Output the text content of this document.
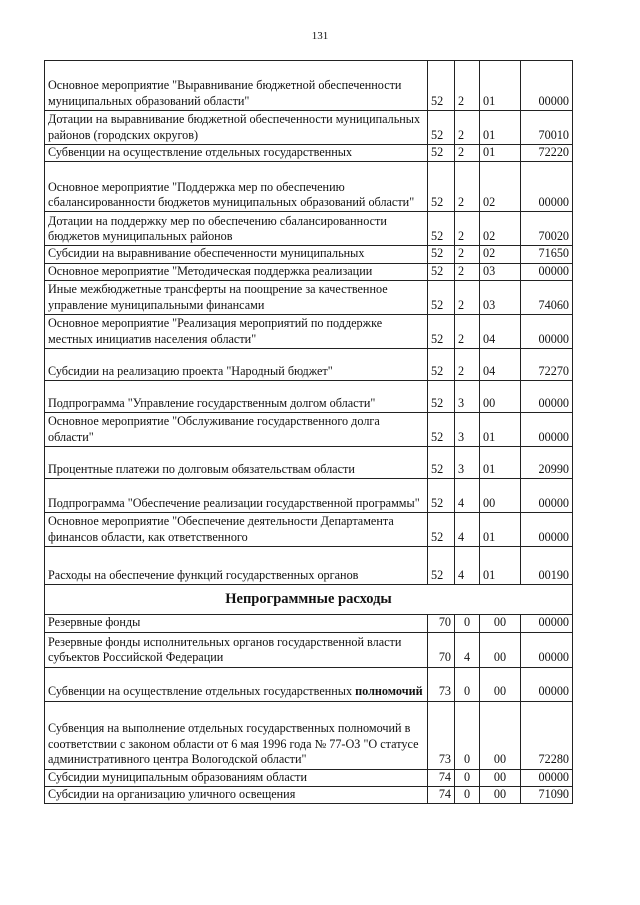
131
Основное мероприятие "Выравнивание бюджетной обеспеченности муниципальных образований области"	52	2	01	00000
Дотации на выравнивание бюджетной обеспеченности муниципальных районов (городских округов)	52	2	01	70010
Субвенции на осуществление отдельных государственных	52	2	01	72220
Основное мероприятие "Поддержка мер по обеспечению сбалансированности бюджетов муниципальных образований области"	52	2	02	00000
Дотации на поддержку мер по обеспечению сбалансированности бюджетов муниципальных районов	52	2	02	70020
Субсидии на выравнивание обеспеченности муниципальных	52	2	02	71650
Основное мероприятие "Методическая поддержка реализации	52	2	03	00000
Иные межбюджетные трансферты на поощрение за качественное управление муниципальными финансами	52	2	03	74060
Основное мероприятие "Реализация мероприятий по поддержке местных инициатив населения области"	52	2	04	00000
Субсидии на реализацию проекта "Народный бюджет"	52	2	04	72270
Подпрограмма "Управление государственным долгом области"	52	3	00	00000
Основное мероприятие "Обслуживание государственного долга области"	52	3	01	00000
Процентные платежи по долговым обязательствам области	52	3	01	20990
Подпрограмма "Обеспечение реализации государственной программы"	52	4	00	00000
Основное мероприятие "Обеспечение деятельности Департамента финансов области, как ответственного	52	4	01	00000
Расходы на обеспечение функций государственных органов	52	4	01	00190
Непрограммные расходы				
Резервные фонды	70	0	00	00000
Резервные фонды исполнительных органов государственной власти субъектов Российской Федерации	70	4	00	00000
Субвенции на осуществление отдельных государственных полномочий	73	0	00	00000
Субвенция на выполнение отдельных государственных полномочий в соответствии с законом области от 6 мая 1996 года № 77-ОЗ "О статусе административного центра Вологодской области"	73	0	00	72280
Субсидии муниципальным образованиям области	74	0	00	00000
Субсидии на организацию уличного освещения	74	0	00	71090
